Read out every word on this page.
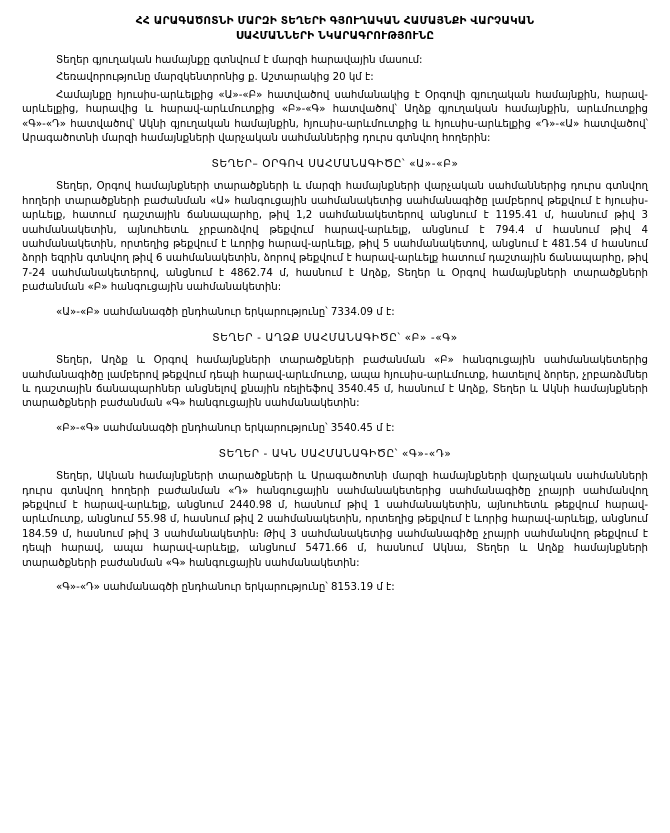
ՀՀ ԱՐԱԳԱԾՈՏՆԻ ՄԱՐԶԻ ՏԵՂԵՐԻ ԳՅՈՒՂԱԿԱՆ ՀԱՄԱՅՆՔԻ ՎԱՐՉԱԿԱՆ
ՍԱՀՄԱՆՆԵՐԻ ՆԿԱՐԱԳՐՈՒԹՅՈՒՆԸ

Տեղեր գյուղական համայնքը գտնվում է մարզի հարավային մասում:

Հեռավորությունը մարզկենտրոնից ք. Աշտարակից 20 կմ է:

Համայնքը հյուսիս-արևելքից «Ա»-«Բ» հատվածով սահմանակից է Օրգովի գյուղական համայնքին, հարավ-արևելքից, հարավից և հարավ-արևմուտքից «Բ»-«Գ» հատվածով՝ Աղձք գյուղական համայնքին, արևմուտքից «Գ»-«Դ» հատվածով՝ Ակնի գյուղական համայնքին, հյուսիս-արևմուտքից և հյուսիս-արևելքից «Դ»-«Ա» հատվածով՝ Արագածոտնի մարզի համայնքների վարչական սահմաններից դուրս գտնվող հողերին:

ՏԵՂԵՐ– ՕՐԳՈՎ ՍԱՀՄԱՆԱԳԻԾԸ՝ «Ա»-«Բ»

Տեղեր, Օրգով համայնքների տարածքների և մարզի համայնքների վարչական սահմաններից դուրս գտնվող հողերի տարածքների բաժանման «Ա» հանգուցային սահմանակետից սահմանագիծը լամբերով թեքվում է հյուսիս-արևելք, հատում դաշտային ճանապարհը, թիվ 1,2 սահմանակետերով անցնում է 1195.41 մ, հասնում թիվ 3 սահմանակետին, այնուհետև չրբառձվով թեքվում հարավ-արևելք, անցնում է 794.4 մ հասնում թիվ 4 սահմանակետին, որտեղից թեքվում է ևորից հարավ-արևելք, թիվ 5 սահմանակետով, անցնում է 481.54 մ հասնում ձորի եզրին գտնվող թիվ 6 սահմանակետին, ձորով թեքվում է հարավ-արևելք հատում դաշտային ճանապարհը, թիվ 7-24 սահմանակետերով, անցնում է 4862.74 մ, հասնում է Աղձք, Տեղեր և Օրգով համայնքների տարածքների բաժանման «Բ» հանգուցային սահմանակետին:

«Ա»-«Բ» սահմանագծի ընդհանուր երկարությունը՝ 7334.09 մ է:

ՏԵՂԵՐ - ԱՂՁՔ ՍԱՀՄԱՆԱԳԻԾԸ՝ «Բ» -«Գ»

Տեղեր, Աղձք և Օրգով համայնքների տարածքների բաժանման «Բ» հանգուցային սահմանակետերից սահմանագիծը լամբերով թեքվում դեպի հարավ-արևմուտք, ապա հյուսիս-արևմուտք, հատելով ձորեր, չրբառձմներ և դաշտային ճանապարհներ անցնելով քնային ռելիեֆով 3540.45 մ, հասնում է Աղձք, Տեղեր և Ակնի համայնքների տարածքների բաժանման «Գ» հանգուցային սահմանակետին:

«Բ»-«Գ» սահմանագծի ընդհանուր երկարությունը՝ 3540.45 մ է:

ՏԵՂԵՐ - ԱԿՆ ՍԱՀՄԱՆԱԳԻԾԸ՝ «Գ»-«Դ»

Տեղեր, Ակնան համայնքների տարածքների և Արագածոտնի մարզի համայնքների վարչական սահմանների դուրս գտնվող հողերի բաժանման «Դ» հանգուցային սահմանակետերից սահմանագիծը չրայրի սահմանվող թեքվում է հարավ-արևելք, անցնում 2440.98 մ, հասնում թիվ 1 սահմանակետին, այնուհետև թեքվում հարավ-արևմուտք, անցնում 55.98 մ, հասնում թիվ 2 սահմանակետին, որտեղից թեքվում է ևորից հարավ-արևելք, անցնում 184.59 մ, հասնում թիվ 3 սահմանակետին։ Թիվ 3 սահմանակետից սահմանագիծը չրայրի սահմանվող թեքվում է դեպի հարավ, ապա հարավ-արևելք, անցնում 5471.66 մ, հասնում Ակնա, Տեղեր և Աղձք համայնքների տարածքների բաժանման «Գ» հանգուցային սահմանակետին:

«Գ»-«Դ» սահմանագծի ընդհանուր երկարությունը՝ 8153.19 մ է:
